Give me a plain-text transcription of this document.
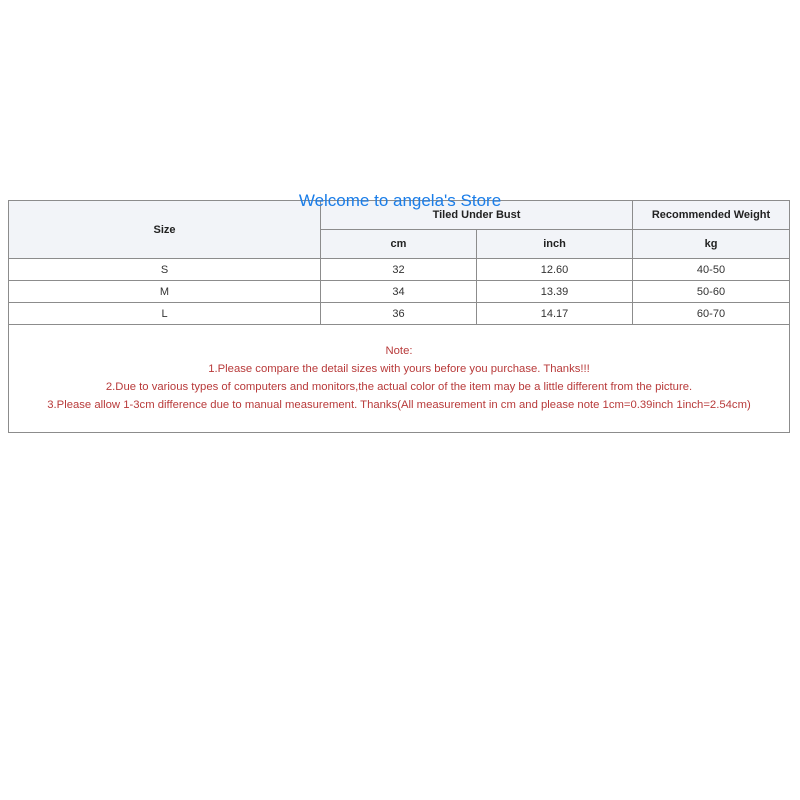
Size	Tiled Under Bust		Recommended Weight
	cm	inch	kg
S	32	12.60	40-50
M	34	13.39	50-60
L	36	14.17	60-70

Note:
1.Please compare the detail sizes with yours before you purchase. Thanks!!!
2.Due to various types of computers and monitors,the actual color of the item may be a little different from the picture.
3.Please allow 1-3cm difference due to manual measurement. Thanks(All measurement in cm and please note 1cm=0.39inch 1inch=2.54cm)			
Welcome to angela's Store
